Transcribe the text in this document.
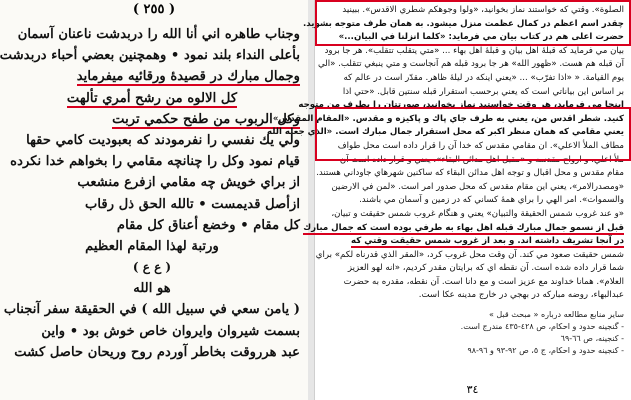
( ٢٥٥ )
وجناب طاهره اني أنا الله را دربدشت ناعنان آسمان
بأعلى النداء بلند نمود • وهمچنين بعضي أحباء دربدشت
وجمال مبارك در قصيدهٔ ورقائيه ميفرمايد
كل الالوه من رشح أمري تألهت
وكل الربوب من طفح حكمي تربت
ولي يك نفسي را نفرمودند كه بعبوديت كامي حقها
قيام نمود وكل را چنانچه مقامي را بخواهم خدا نكرده
از براي خويش چه مقامي ازفرع منشعب
ازأصل قديمست • تالله الحق ذل رقاب
كل مقام • وخضع أعناق كل مقام
ورتبة لهذا المقام العظيم
( ع ع )
هو الله
( يامن سعي في سبيل الله ) في الحقيقة سفر آنجناب
بسمت شيروان وايروان خاص خوش بود • واين
عبد هرروقت بخاطر آوردم روح وريحان حاصل كشت
الصلوة». وقتي كه خواستند نماز بخوانيد، «ولوا وجوهكم شطري الاقدس». ببينيد
چقدر اسم اعظم در كمال عظمت منزل ميشود. به همان طرف متوجه بشويد.
حضرت اعلى هم در كتاب بيان مي فرمايد: «كلما انزلنا في البيان...»
بيان مي فرمايد كه قبلهٔ اهل بيان و قبلهٔ اهل بهاء ... «متي يتقلب تتقلب». هر جا برود
آن قبله هم هست. «ظهور الله» هر جا برود قبله هم آنجاست و متي ينبغي تتقلب. «الي
يوم القيامة. « «اذا تفرّب» ... «يعني اينكه در ليلهٔ ظاهر. مقدّر است در عالم كه
بر اساس اين بياناتي است كه يعني برحسب استقرار قبله سنتين قابل. «حتي اذا
اينجا مي فرمايد، هر وقت خواستيد نماز بخوانيد، صورتتان را بطرف من متوجه
كنيد. شطر اقدس من، يعني به طرف جاي پاك و پاكيزه و مقدس. «المقام المقدس»
يعني مقامي كه همان منظر اكبر كه محل استقرار جمال مبارك است. «الذي جعله الله
مطاف الملأ الاعلي». ان مقامي مقدس كه خدا آن را قرار داده است محل طواف
ملأ اعلي، و ارواح مقدسه و «مقبل اهل مدائن البقاء»، يعني و قرار داده است آن
مقام مقدس و محل اقبال و توجه اهل مدائن البقاء كه ساكنين شهرهاي جاوداني هستند.
«ومصدرالامر»، يعني اين مقام مقدس كه محل صدور امر است. «لمن في الارضين
والسموات». امر الهي را براي همهٔ كساني كه در زمين و آسمان مي باشند.
«و عند غروب شمس الحقيقة والتبيان» يعني و هنگام غروب شمس حقيقت و تبيان،
قبل از نسمو جمال مبارك قبله اهل بهاء به طرفي بوده است كه جمال مبارك
در آنجا تشريف داشته اند. و بعد از غروب شمس حقيقت وقتي كه
شمس حقيقت صعود مي كند. آن وقت محل غروب كرد، «المقر الذي قدرناه لكم» براي
شما قرار داده شده است. آن نقطه اي كه برايتان مقدر كرديم، «انه لهو العزيز
العلام». همانا خداوند مع عزيز است و مع دانا است. آن نقطه، مقدره به حضرت
عبدالبهاء، روضه مباركه در بهجي در خارج مدينه عكا است.
ساير منابع مطالعه درباره « مبحث قبل »
- گنجينه حدود و احكام، ص ٤٢٨-٤٣٥ مندرج است.
- كنجينه، ص ٦٦-٦٩
- كنجينه حدود و احكام، ج ٥، ص ٩٢-٩٣ و ٩٦-٩٨
٣٤
